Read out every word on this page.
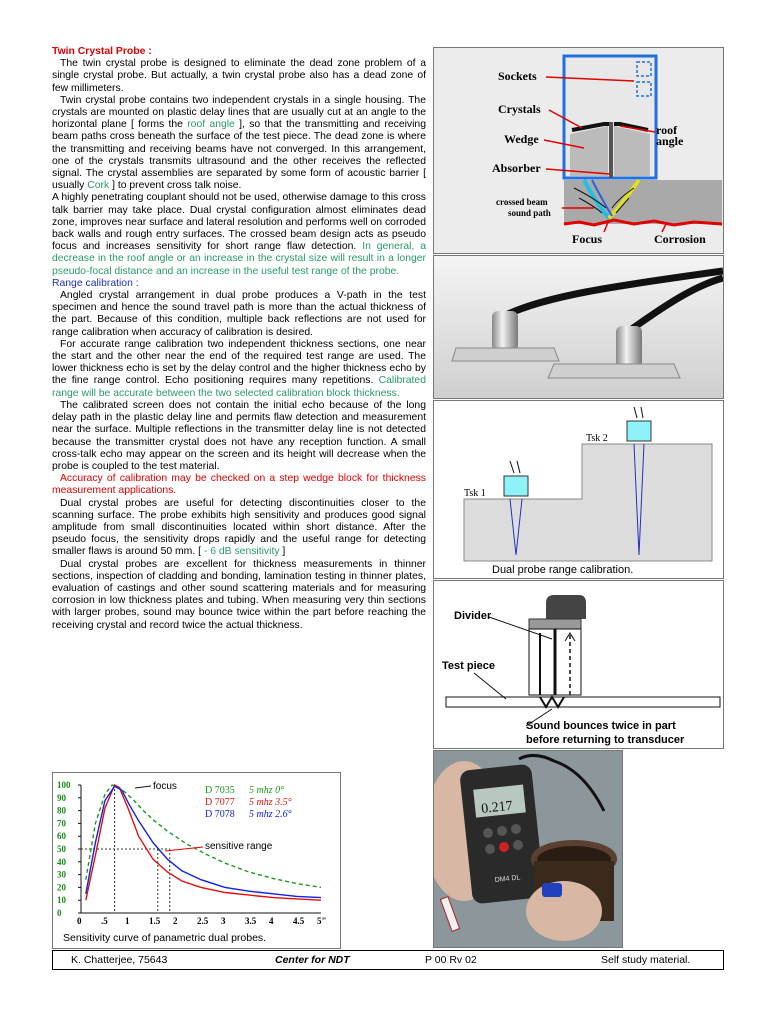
Twin Crystal Probe :

The twin crystal probe is designed to eliminate the dead zone problem of a single crystal probe. But actually, a twin crystal probe also has a dead zone of few millimeters.

Twin crystal probe contains two independent crystals in a single housing. The crystals are mounted on plastic delay lines that are usually cut at an angle to the horizontal plane [ forms the roof angle ], so that the transmitting and receiving beam paths cross beneath the surface of the test piece. The dead zone is where the transmitting and receiving beams have not converged. In this arrangement, one of the crystals transmits ultrasound and the other receives the reflected signal. The crystal assemblies are separated by some form of acoustic barrier [ usually Cork ] to prevent cross talk noise.

A highly penetrating couplant should not be used, otherwise damage to this cross talk barrier may take place. Dual crystal configuration almost eliminates dead zone, improves near surface and lateral resolution and performs well on corroded back walls and rough entry surfaces. The crossed beam design acts as pseudo focus and increases sensitivity for short range flaw detection. In general, a decrease in the roof angle or an increase in the crystal size will result in a longer pseudo-focal distance and an increase in the useful test range of the probe.

Range calibration :

Angled crystal arrangement in dual probe produces a V-path in the test specimen and hence the sound travel path is more than the actual thickness of the part. Because of this condition, multiple back reflections are not used for range calibration when accuracy of calibration is desired.

For accurate range calibration two independent thickness sections, one near the start and the other near the end of the required test range are used. The lower thickness echo is set by the delay control and the higher thickness echo by the fine range control. Echo positioning requires many repetitions. Calibrated range will be accurate between the two selected calibration block thickness.

The calibrated screen does not contain the initial echo because of the long delay path in the plastic delay line and permits flaw detection and measurement near the surface. Multiple reflections in the transmitter delay line is not detected because the transmitter crystal does not have any reception function. A small cross-talk echo may appear on the screen and its height will decrease when the probe is coupled to the test material.

Accuracy of calibration may be checked on a step wedge block for thickness measurement applications.

Dual crystal probes are useful for detecting discontinuities closer to the scanning surface. The probe exhibits high sensitivity and produces good signal amplitude from small discontinuities located within short distance. After the pseudo focus, the sensitivity drops rapidly and the useful range for detecting smaller flaws is around 50 mm. [ - 6 dB sensitivity ]

Dual crystal probes are excellent for thickness measurements in thinner sections, inspection of cladding and bonding, lamination testing in thinner plates, evaluation of castings and other sound scattering materials and for measuring corrosion in low thickness plates and tubing. When measuring very thin sections with larger probes, sound may bounce twice within the part before reaching the receiving crystal and record twice the actual thickness.

Sockets
Crystals
Wedge
Absorber
roof
angle
crossed beam
sound path
Focus	Corrosion
Tsk 1
Tsk 2
Dual probe range calibration.
Divider
Test piece
Sound bounces twice in part
before returning to transducer
0.217
DM4 DL
0 .5 1 1.5 2 2.5 3 3.5 4 4.5 5"
0
10
20
30
40
50
60
70
80
90
100	D 7035 5 mhz 0°
D 7077 5 mhz 3.5°
D 7078 5 mhz 2.6°
focus
sensitive range
Sensitivity curve of panametric dual probes.
K. Chatterjee, 75643	Center for NDT	P 00 Rv 02	Self study material.
